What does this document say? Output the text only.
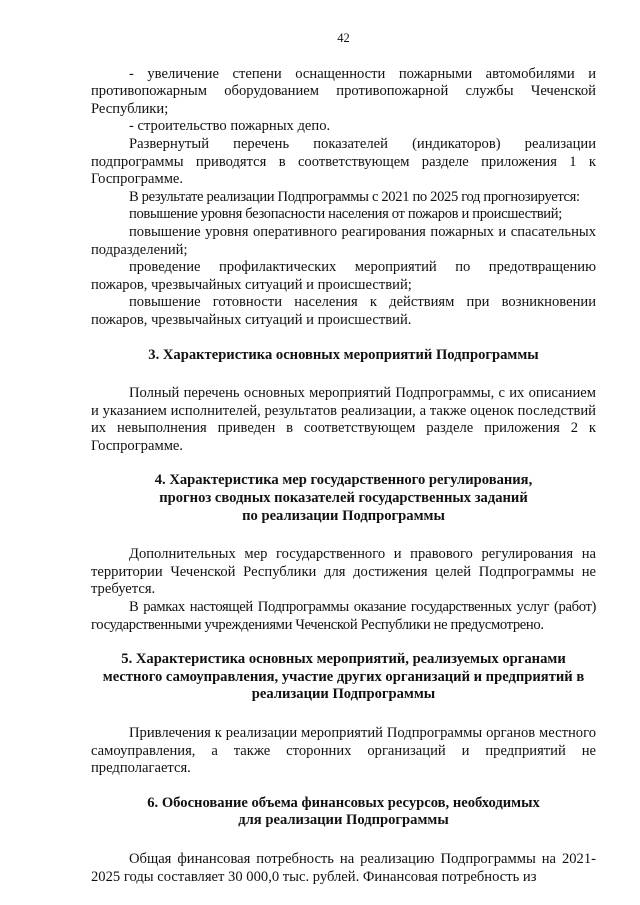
42

- увеличение степени оснащенности пожарными автомобилями и противопожарным оборудованием противопожарной службы Чеченской Республики;

- строительство пожарных депо.

Развернутый перечень показателей (индикаторов) реализации подпрограммы приводятся в соответствующем разделе приложения 1 к Госпрограмме.

В результате реализации Подпрограммы с 2021 по 2025 год прогнозируется:

повышение уровня безопасности населения от пожаров и происшествий;

повышение уровня оперативного реагирования пожарных и спасательных подразделений;

проведение профилактических мероприятий по предотвращению пожаров, чрезвычайных ситуаций и происшествий;

повышение готовности населения к действиям при возникновении пожаров, чрезвычайных ситуаций и происшествий.

3. Характеристика основных мероприятий Подпрограммы

Полный перечень основных мероприятий Подпрограммы, с их описанием и указанием исполнителей, результатов реализации, а также оценок последствий их невыполнения приведен в соответствующем разделе приложения 2 к Госпрограмме.

4. Характеристика мер государственного регулирования,

прогноз сводных показателей государственных заданий

по реализации Подпрограммы

Дополнительных мер государственного и правового регулирования на территории Чеченской Республики для достижения целей Подпрограммы не требуется.

В рамках настоящей Подпрограммы оказание государственных услуг (работ) государственными учреждениями Чеченской Республики не предусмотрено.

5. Характеристика основных мероприятий, реализуемых органами

местного самоуправления, участие других организаций и предприятий в

реализации Подпрограммы

Привлечения к реализации мероприятий Подпрограммы органов местного самоуправления, а также сторонних организаций и предприятий не предполагается.

6. Обоснование объема финансовых ресурсов, необходимых

для реализации Подпрограммы

Общая финансовая потребность на реализацию Подпрограммы на 2021-2025 годы составляет 30 000,0 тыс. рублей. Финансовая потребность из
